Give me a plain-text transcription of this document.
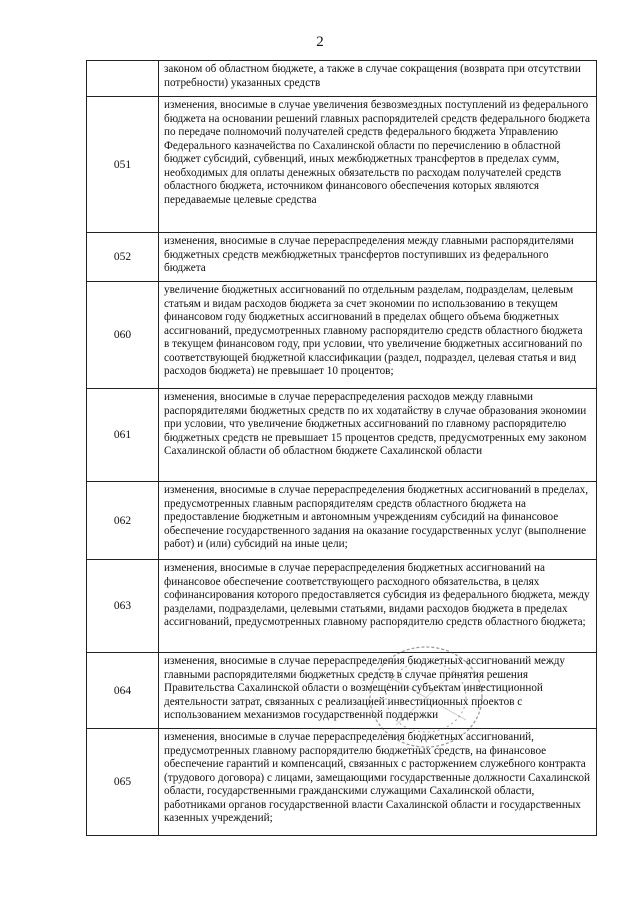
2
	законом об областном бюджете, а также в случае сокращения (возврата при отсутствии потребности) указанных средств
051	изменения, вносимые в случае увеличения безвозмездных поступлений из федерального бюджета на основании решений главных распорядителей средств федерального бюджета по передаче полномочий получателей средств федерального бюджета Управлению Федерального казначейства по Сахалинской области по перечислению в областной бюджет субсидий, субвенций, иных межбюджетных трансфертов в пределах сумм, необходимых для оплаты денежных обязательств по расходам получателей средств областного бюджета, источником финансового обеспечения которых являются передаваемые целевые средства
052	изменения, вносимые в случае перераспределения между главными распорядителями бюджетных средств межбюджетных трансфертов поступивших из федерального бюджета
060	увеличение бюджетных ассигнований по отдельным разделам, подразделам, целевым статьям и видам расходов бюджета за счет экономии по использованию в текущем финансовом году бюджетных ассигнований в пределах общего объема бюджетных ассигнований, предусмотренных главному распорядителю средств областного бюджета в текущем финансовом году, при условии, что увеличение бюджетных ассигнований по соответствующей бюджетной классификации (раздел, подраздел, целевая статья и вид расходов бюджета) не превышает 10 процентов;
061	изменения, вносимые в случае перераспределения расходов между главными распорядителями бюджетных средств по их ходатайству в случае образования экономии при условии, что увеличение бюджетных ассигнований по главному распорядителю бюджетных средств не превышает 15 процентов средств, предусмотренных ему законом Сахалинской области об областном бюджете Сахалинской области
062	изменения, вносимые в случае перераспределения бюджетных ассигнований в пределах, предусмотренных главным распорядителям средств областного бюджета на предоставление бюджетным и автономным учреждениям субсидий на финансовое обеспечение государственного задания на оказание государственных услуг (выполнение работ) и (или) субсидий на иные цели;
063	изменения, вносимые в случае перераспределения бюджетных ассигнований на финансовое обеспечение соответствующего расходного обязательства, в целях софинансирования которого предоставляется субсидия из федерального бюджета, между разделами, подразделами, целевыми статьями, видами расходов бюджета в пределах ассигнований, предусмотренных главному распорядителю средств областного бюджета;
064	изменения, вносимые в случае перераспределения бюджетных ассигнований между главными распорядителями бюджетных средств в случае принятия решения Правительства Сахалинской области о возмещении субъектам инвестиционной деятельности затрат, связанных с реализацией инвестиционных проектов с использованием механизмов государственной поддержки
065	изменения, вносимые в случае перераспределения бюджетных ассигнований, предусмотренных главному распорядителю бюджетных средств, на финансовое обеспечение гарантий и компенсаций, связанных с расторжением служебного контракта (трудового договора) с лицами, замещающими государственные должности Сахалинской области, государственными гражданскими служащими Сахалинской области, работниками органов государственной власти Сахалинской области и государственных казенных учреждений;
